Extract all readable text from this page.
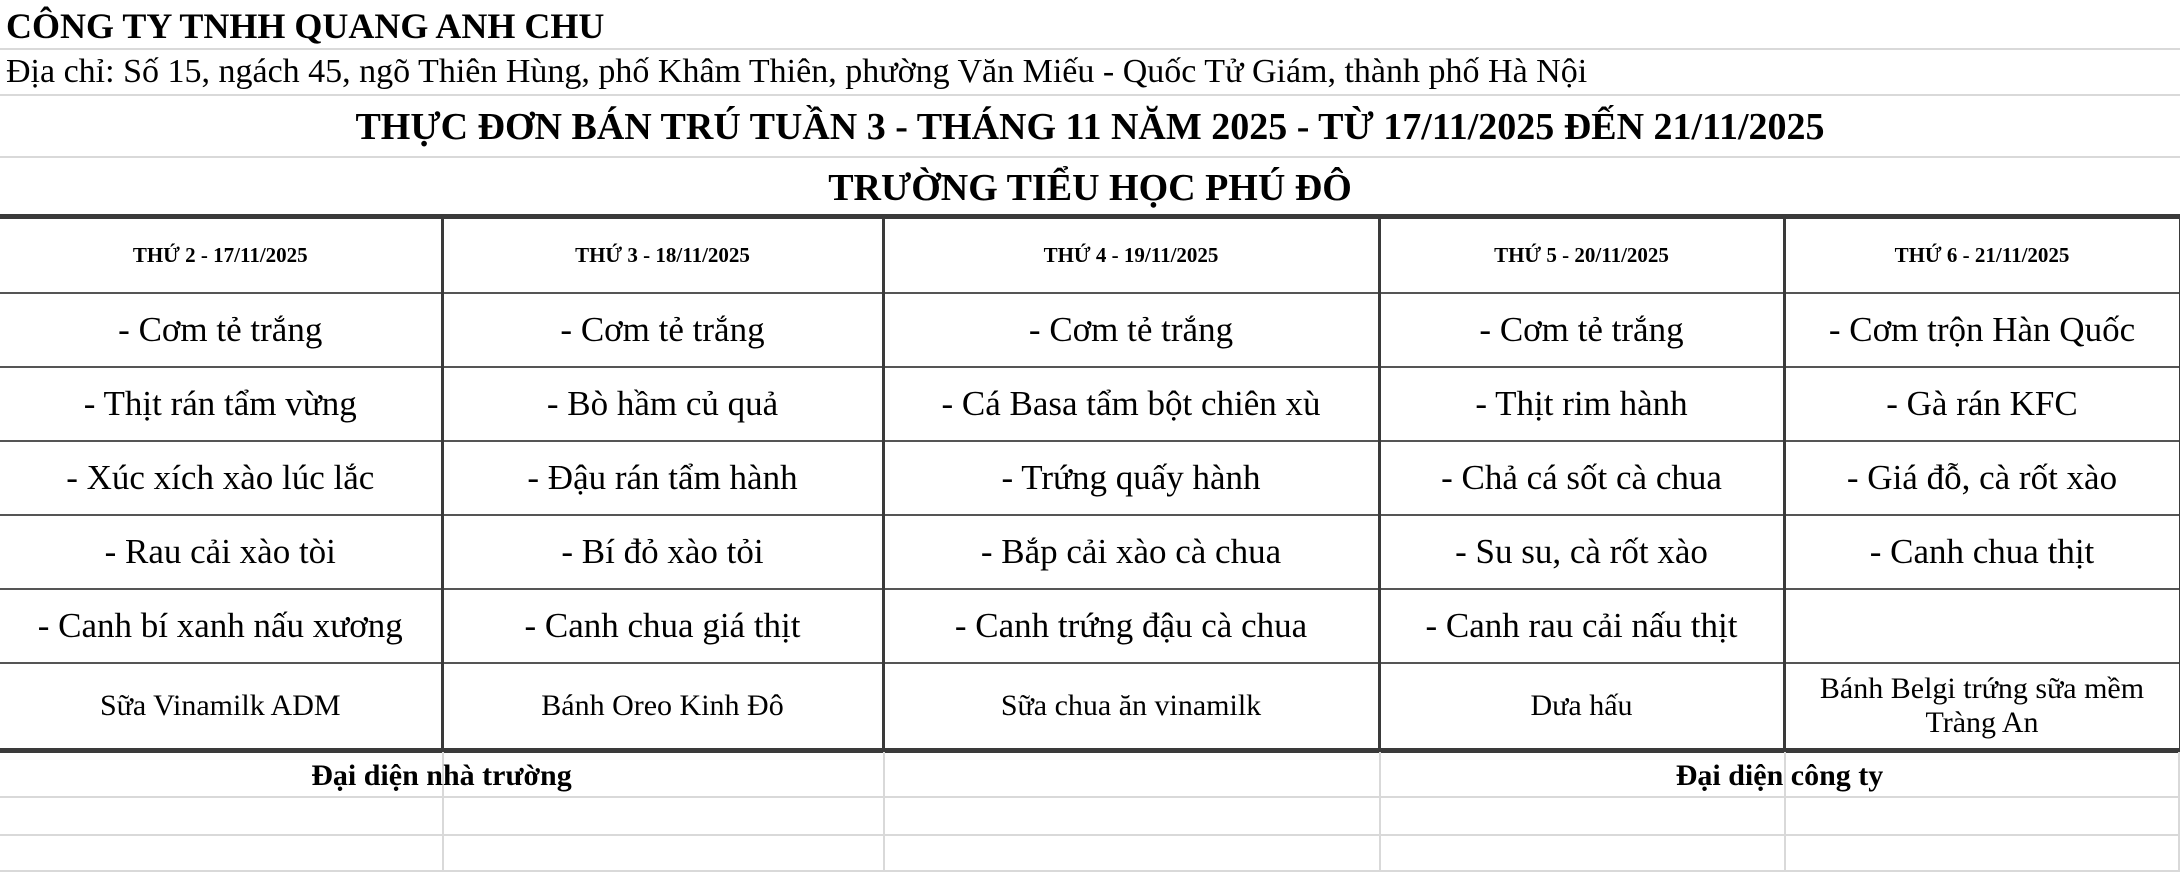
CÔNG TY TNHH QUANG ANH CHU
Địa chỉ: Số 15, ngách 45, ngõ Thiên Hùng, phố Khâm Thiên, phường Văn Miếu - Quốc Tử Giám, thành phố Hà Nội
THỰC ĐƠN BÁN TRÚ TUẦN 3 - THÁNG 11 NĂM 2025 - TỪ 17/11/2025 ĐẾN 21/11/2025
TRƯỜNG TIỂU HỌC PHÚ ĐÔ
THỨ 2 - 17/11/2025	THỨ 3 - 18/11/2025	THỨ 4 - 19/11/2025	THỨ 5 - 20/11/2025	THỨ 6 - 21/11/2025
- Cơm tẻ trắng	- Cơm tẻ trắng	- Cơm tẻ trắng	- Cơm tẻ trắng	- Cơm trộn Hàn Quốc
- Thịt rán tẩm vừng	- Bò hầm củ quả	- Cá Basa tẩm bột chiên xù	- Thịt rim hành	- Gà rán KFC
- Xúc xích xào lúc lắc	- Đậu rán tẩm hành	- Trứng quấy hành	- Chả cá sốt cà chua	- Giá đỗ, cà rốt xào
- Rau cải xào tòi	- Bí đỏ xào tỏi	- Bắp cải xào cà chua	- Su su, cà rốt xào	- Canh chua thịt
- Canh bí xanh nấu xương	- Canh chua giá thịt	- Canh trứng đậu cà chua	- Canh rau cải nấu thịt	
Sữa Vinamilk ADM	Bánh Oreo Kinh Đô	Sữa chua ăn vinamilk	Dưa hấu	Bánh Belgi trứng sữa mềm Tràng An
Đại diện nhà trường	Đại diện công ty
